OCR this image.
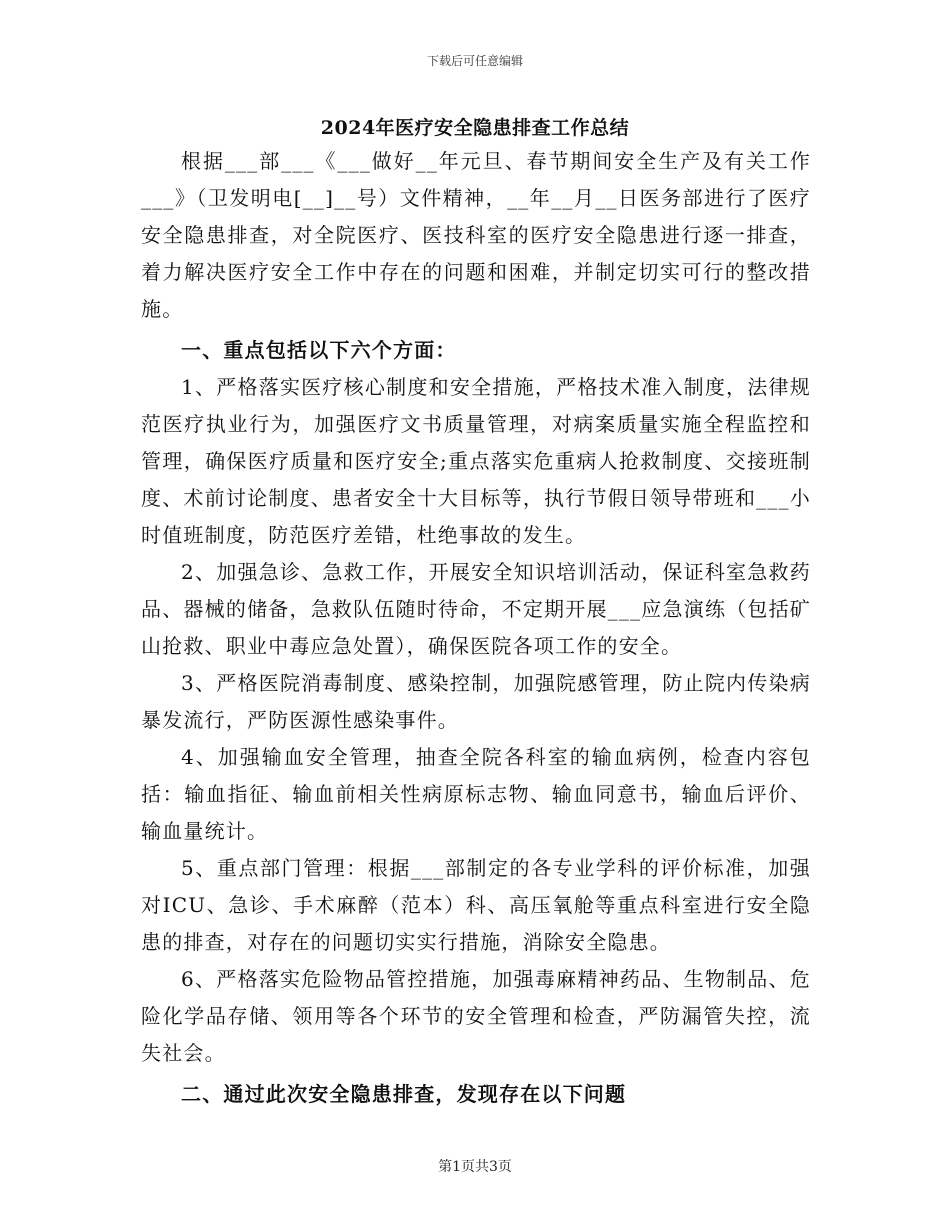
下载后可任意编辑
2024年医疗安全隐患排查工作总结

根据___部___《___做好__年元旦、春节期间安全生产及有关工作___》（卫发明电[__]__号）文件精神，__年__月__日医务部进行了医疗安全隐患排查，对全院医疗、医技科室的医疗安全隐患进行逐一排查，着力解决医疗安全工作中存在的问题和困难，并制定切实可行的整改措施。

一、重点包括以下六个方面：

1、严格落实医疗核心制度和安全措施，严格技术准入制度，法律规范医疗执业行为，加强医疗文书质量管理，对病案质量实施全程监控和管理，确保医疗质量和医疗安全;重点落实危重病人抢救制度、交接班制度、术前讨论制度、患者安全十大目标等，执行节假日领导带班和___小时值班制度，防范医疗差错，杜绝事故的发生。

2、加强急诊、急救工作，开展安全知识培训活动，保证科室急救药品、器械的储备，急救队伍随时待命，不定期开展___应急演练（包括矿山抢救、职业中毒应急处置），确保医院各项工作的安全。

3、严格医院消毒制度、感染控制，加强院感管理，防止院内传染病暴发流行，严防医源性感染事件。

4、加强输血安全管理，抽查全院各科室的输血病例，检查内容包括：输血指征、输血前相关性病原标志物、输血同意书，输血后评价、输血量统计。

5、重点部门管理：根据___部制定的各专业学科的评价标准，加强对ICU、急诊、手术麻醉（范本）科、高压氧舱等重点科室进行安全隐患的排查，对存在的问题切实实行措施，消除安全隐患。

6、严格落实危险物品管控措施，加强毒麻精神药品、生物制品、危险化学品存储、领用等各个环节的安全管理和检查，严防漏管失控，流失社会。

二、通过此次安全隐患排查，发现存在以下问题

第1页共3页
